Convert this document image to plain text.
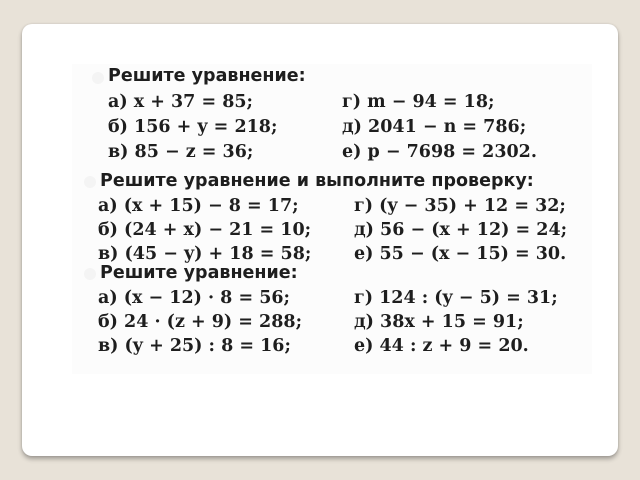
Решите уравнение:
а) x + 37 = 85;
б) 156 + y = 218;
в) 85 − z = 36;
г) m − 94 = 18;
д) 2041 − n = 786;
е) p − 7698 = 2302.
Решите уравнение и выполните проверку:
а) (x + 15) − 8 = 17;
б) (24 + x) − 21 = 10;
в) (45 − y) + 18 = 58;
г) (y − 35) + 12 = 32;
д) 56 − (x + 12) = 24;
е) 55 − (x − 15) = 30.
Решите уравнение:
а) (x − 12) · 8 = 56;
б) 24 · (z + 9) = 288;
в) (y + 25) : 8 = 16;
г) 124 : (y − 5) = 31;
д) 38x + 15 = 91;
е) 44 : z + 9 = 20.
